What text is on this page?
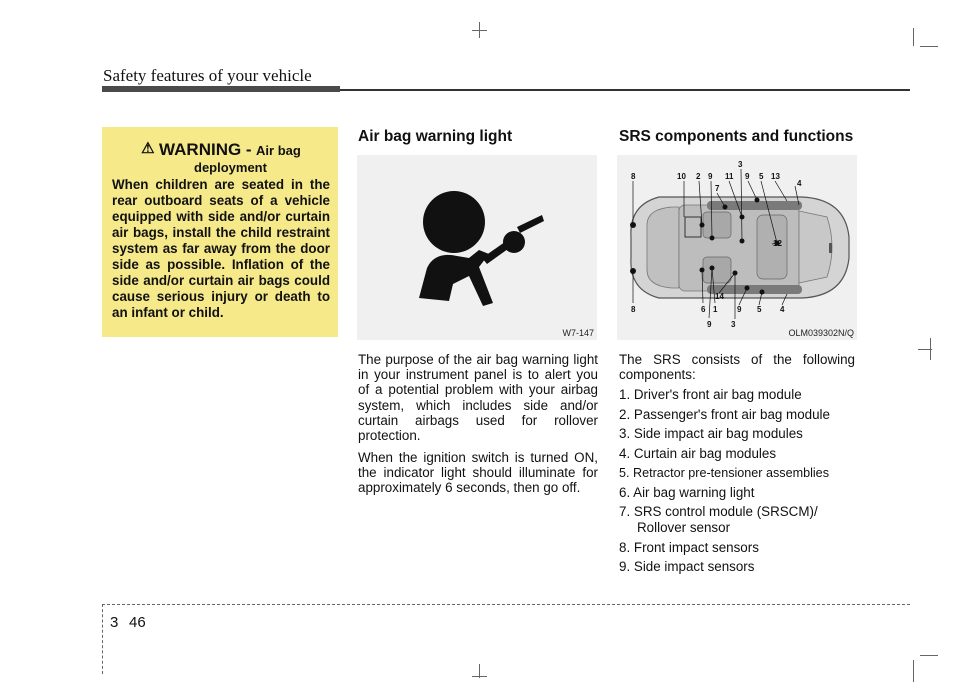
Safety features of your vehicle
⚠ WARNING - Air bag
deployment
When children are seated in the rear outboard seats of a vehicle equipped with side and/or curtain air bags, install the child restraint system as far away from the door side as possible. Inflation of the side and/or curtain air bags could cause serious injury or death to an infant or child.
Air bag warning light
W7-147
The purpose of the air bag warning light in your instrument panel is to alert you of a potential problem with your airbag system, which includes side and/or curtain airbags used for rollover protection.
When the ignition switch is turned ON, the indicator light should illuminate for approximately 6 seconds, then go off.
SRS components and functions
8
8
10 2 9
7
11
3
9 5 13
4
12
6 1
14
9 5 4
9 3
OLM039302N/Q
The SRS consists of the following components:
1. Driver's front air bag module
2. Passenger's front air bag module
3. Side impact air bag modules
4. Curtain air bag modules
5. Retractor pre-tensioner assemblies
6. Air bag warning light
7. SRS control module (SRSCM)/
Rollover sensor
8. Front impact sensors
9. Side impact sensors
3 46
